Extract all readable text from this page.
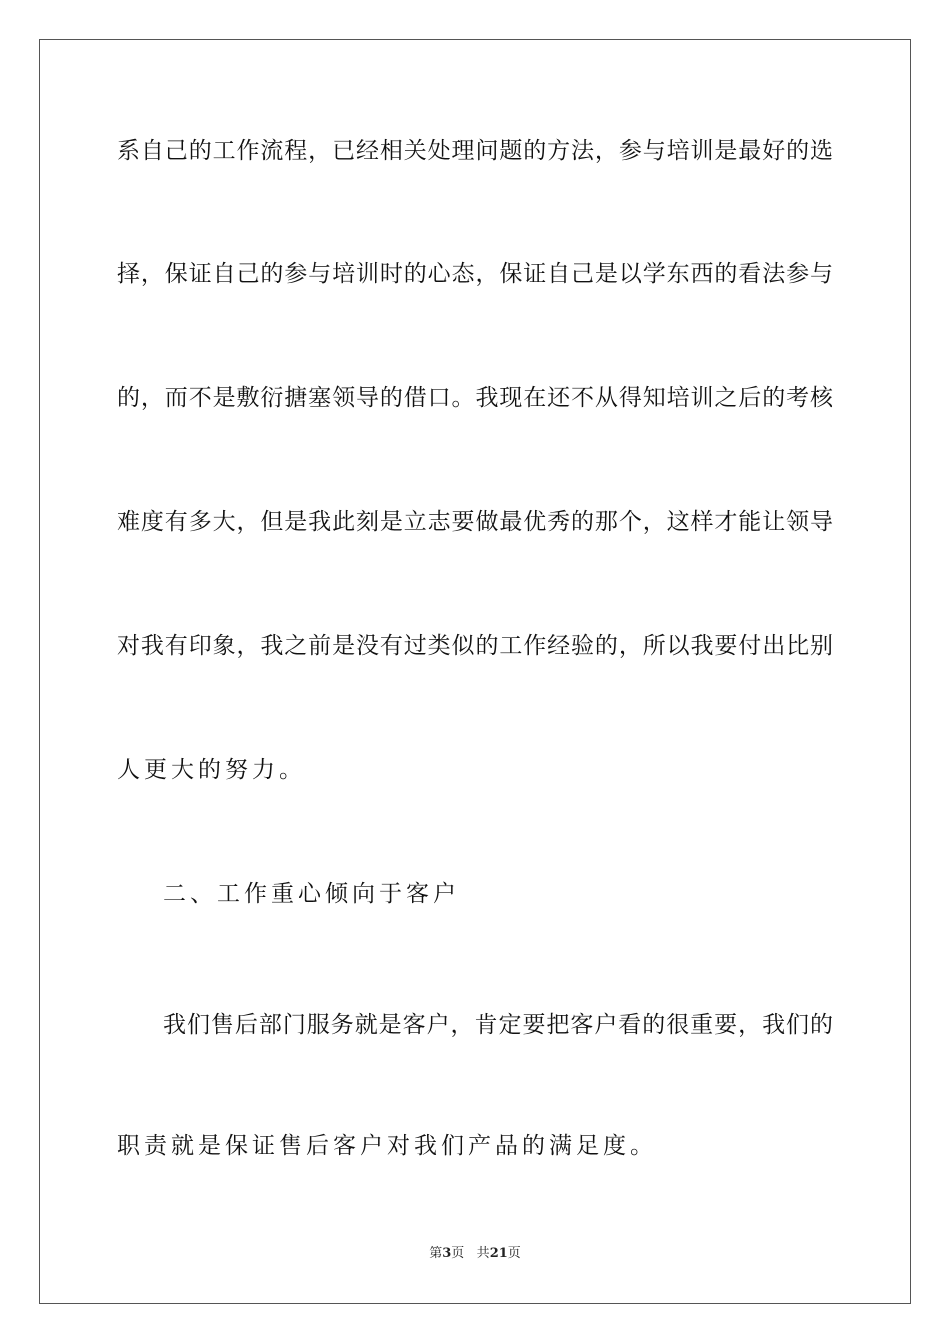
系自己的工作流程，已经相关处理问题的方法，参与培训是最好的选
择，保证自己的参与培训时的心态，保证自己是以学东西的看法参与
的，而不是敷衍搪塞领导的借口。我现在还不从得知培训之后的考核
难度有多大，但是我此刻是立志要做最优秀的那个，这样才能让领导
对我有印象，我之前是没有过类似的工作经验的，所以我要付出比别
人更大的努力。
二、工作重心倾向于客户
我们售后部门服务就是客户，肯定要把客户看的很重要，我们的
职责就是保证售后客户对我们产品的满足度。
第3页 共21页
